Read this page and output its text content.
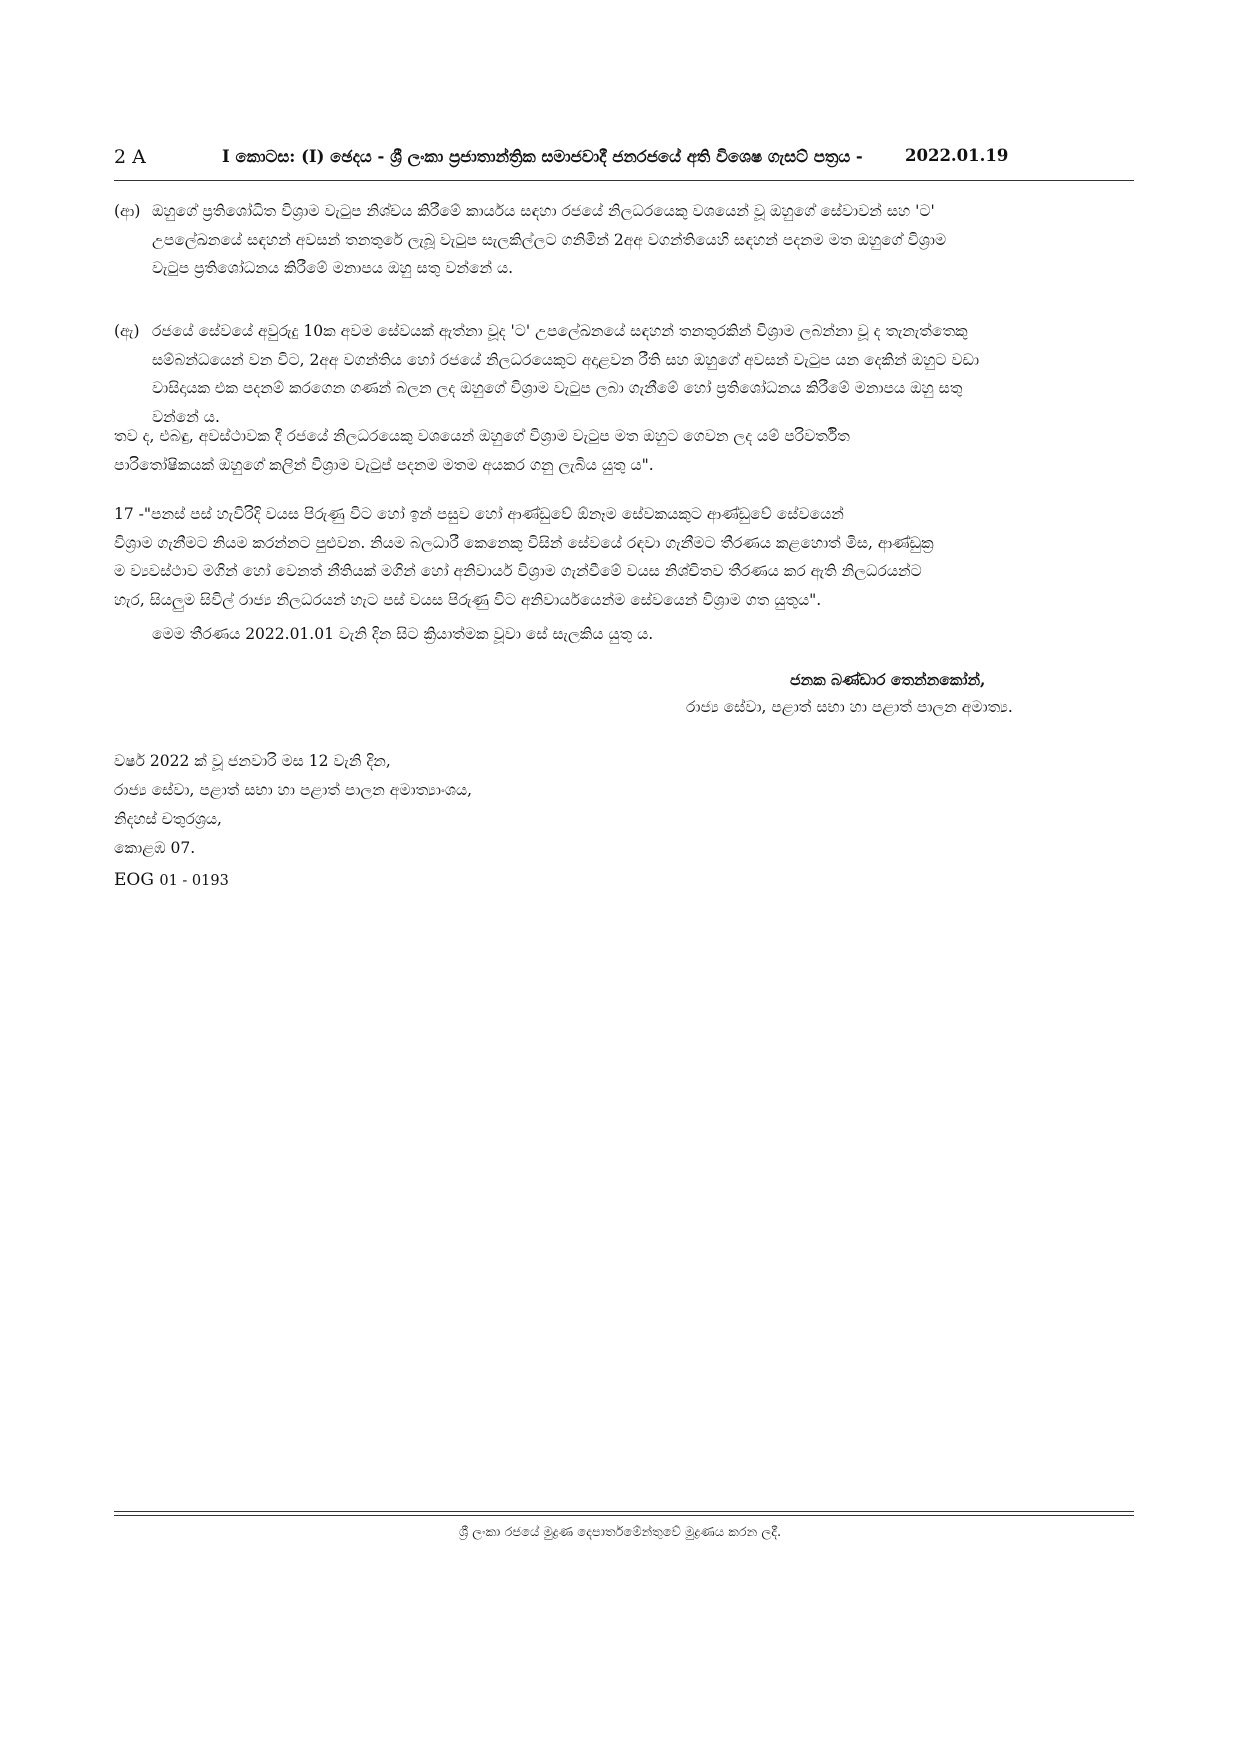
2 A	I කොටස: (I) ඡෙදය - ශ්‍රී ලංකා ප්‍රජාතාන්ත්‍රික සමාජවාදී ජනරජයේ අති විශෙෂ ගැසට් පත්‍රය -	2022.01.19
(ආ) ඔහුගේ ප්‍රතිශෝධිත විශ්‍රාම වැටුප නිශ්චය කිරීමේ කාර්යය සඳහා රජයේ නිලධරයෙකු වශයෙන් වූ ඔහුගේ සේවාවන් සහ 'ට'
උපලේඛනයේ සඳහන් අවසන් තනතුරේ ලැබූ වැටුප සැලකිල්ලට ගනිමින් 2අඅ වගන්තියෙහි සඳහන් පදනම මත ඔහුගේ විශ්‍රාම
වැටුප ප්‍රතිශෝධනය කිරීමේ මනාපය ඔහු සතු වන්නේ ය.
(ඇ) රජයේ සේවයේ අවුරුදු 10ක අවම සේවයක් ඇත්නා වූද 'ට' උපලේඛනයේ සඳහන් තනතුරකින් විශ්‍රාම ලබන්නා වූ ද තැනැත්තෙකු
සම්බන්ධයෙන් වන විට, 2අඅ වගන්තිය හෝ රජයේ නිලධරයෙකුට අදාළවන රීති සහ ඔහුගේ අවසන් වැටුප යන දෙකින් ඔහුට වඩා
වාසිදායක එක පදනම් කරගෙන ගණන් බලන ලද ඔහුගේ විශ්‍රාම වැටුප ලබා ගැනීමේ හෝ ප්‍රතිශෝධනය කිරීමේ මනාපය ඔහු සතු
වන්නේ ය.
තව ද, එබඳු, අවස්ථාවක දී රජයේ නිලධරයෙකු වශයෙන් ඔහුගේ විශ්‍රාම වැටුප මත ඔහුට ගෙවන ලද යම් පරිවර්තිත
පාරිතෝෂිකයක් ඔහුගේ කලින් විශ්‍රාම වැටුප් පදනම මතම අයකර ගනු ලැබිය යුතු ය".
17 -"පනස් පස් හැවිරිදි වයස පිරුණු විට හෝ ඉන් පසුව හෝ ආණ්ඩුවේ ඕනෑම සේවකයකුට ආණ්ඩුවේ සේවයෙන්
විශ්‍රාම ගැනීමට නියම කරන්නට පුළුවන. නියම බලධාරී කෙනෙකු විසින් සේවයේ රඳවා ගැනීමට තීරණය කළහොත් මිස, ආණ්ඩුක්‍ර
ම ව්‍යවස්ථාව මගින් හෝ වෙනත් නීතියක් මගින් හෝ අනිවාර්ය විශ්‍රාම ගැන්වීමේ වයස නිශ්චිතව තීරණය කර ඇති නිලධරයන්ට
හැර, සියලුම සිවිල් රාජ්‍ය නිලධරයන් හැට පස් වයස පිරුණු විට අනිවාර්යයෙන්ම සේවයෙන් විශ්‍රාම ගත යුතුය".
මෙම තීරණය 2022.01.01 වැනි දින සිට ක්‍රියාත්මක වූවා සේ සැලකිය යුතු ය.
ජනක බණ්ඩාර තෙන්නකෝන්,
රාජ්‍ය සේවා, පළාත් සභා හා පළාත් පාලන අමාත්‍ය.
වර්ෂ 2022 ක් වූ ජනවාරි මස 12 වැනි දින,
රාජ්‍ය සේවා, පළාත් සභා හා පළාත් පාලන අමාත්‍යාංශය,
නිදහස් චතුරශ්‍රය,
කොළඹ 07.
EOG 01 - 0193
ශ්‍රී ලංකා රජයේ මුද්‍රණ දෙපාර්තමේන්තුවේ මුද්‍රණය කරන ලදී.
